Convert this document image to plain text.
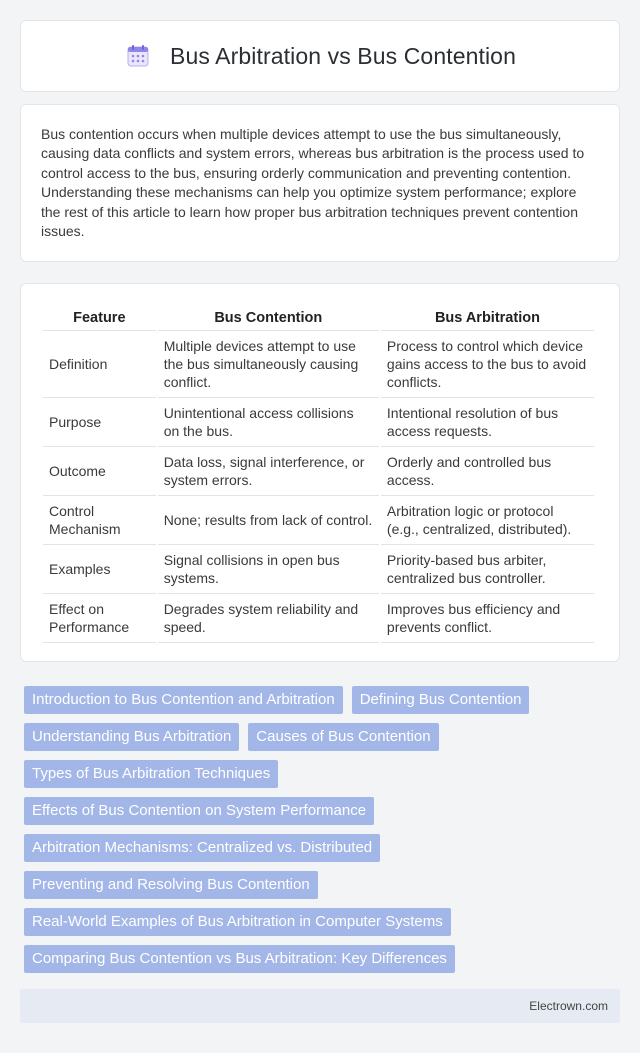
Bus Arbitration vs Bus Contention

Bus contention occurs when multiple devices attempt to use the bus simultaneously, causing data conflicts and system errors, whereas bus arbitration is the process used to control access to the bus, ensuring orderly communication and preventing contention. Understanding these mechanisms can help you optimize system performance; explore the rest of this article to learn how proper bus arbitration techniques prevent contention issues.

Feature	Bus Contention	Bus Arbitration
Definition	Multiple devices attempt to use the bus simultaneously causing conflict.	Process to control which device gains access to the bus to avoid conflicts.
Purpose	Unintentional access collisions on the bus.	Intentional resolution of bus access requests.
Outcome	Data loss, signal interference, or system errors.	Orderly and controlled bus access.
Control Mechanism	None; results from lack of control.	Arbitration logic or protocol (e.g., centralized, distributed).
Examples	Signal collisions in open bus systems.	Priority-based bus arbiter, centralized bus controller.
Effect on Performance	Degrades system reliability and speed.	Improves bus efficiency and prevents conflict.
Introduction to Bus Contention and Arbitration	Defining Bus Contention
Understanding Bus Arbitration	Causes of Bus Contention
Types of Bus Arbitration Techniques
Effects of Bus Contention on System Performance
Arbitration Mechanisms: Centralized vs. Distributed
Preventing and Resolving Bus Contention
Real-World Examples of Bus Arbitration in Computer Systems
Comparing Bus Contention vs Bus Arbitration: Key Differences
Electrown.com
